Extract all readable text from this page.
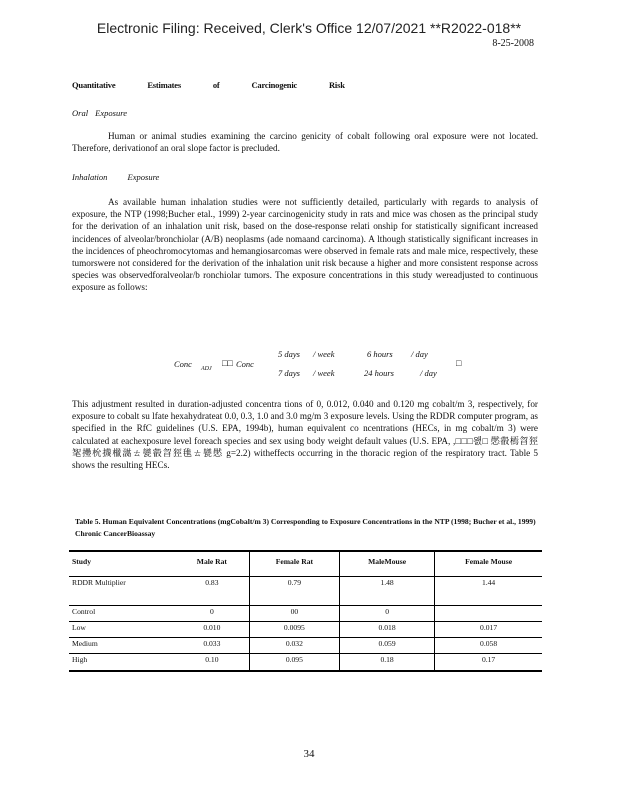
Electronic Filing: Received, Clerk's Office 12/07/2021 **R2022-018**
8-25-2008
Quantitative Estimates of Carcinogenic Risk
Oral Exposure

Human or animal studies examining the carcino genicity of cobalt following oral exposure were not located. Therefore, derivationof an oral slope factor is precluded.

Inhalation Exposure

As available human inhalation studies were not sufficiently detailed, particularly with regards to analysis of exposure, the NTP (1998;Bucher etal., 1999) 2-year carcinogenicity study in rats and mice was chosen as the principal study for the derivation of an inhalation unit risk, based on the dose-response relati onship for statistically significant increased incidences of alveolar/bronchiolar (A/B) neoplasms (ade nomaand carcinoma). A lthough statistically significant increases in the incidences of pheochromocytomas and hemangiosarcomas were observed in female rats and male mice, respectively, these tumorswere not considered for the derivation of the inhalation unit risk because a higher and more consistent response across species was observedforalveolar/b ronchiolar tumors. The exposure concentrations in this study wereadjusted to continuous exposure as follows:

Conc ADJ
□□ Conc
5 days / week	6 hours / day
7 days / week	24 hours	/ day
□

This adjustment resulted in duration-adjusted concentra tions of 0, 0.012, 0.040 and 0.120 mg cobalt/m 3, respectively, for exposure to cobalt su lfate hexahydrateat 0.0, 0.3, 1.0 and 3.0 mg/m 3 exposure levels. Using the RDDR computer program, as specified in the RfC guidelines (U.S. EPA, 1994b), human equivalent co ncentrations (HECs, in mg cobalt/m 3) were calculated at eachexposure level foreach species and sex using body weight default values (U.S. EPA, ,□□□왨□ 㦔㲊㯊㫚㹵㲛㩸㭇㩢㯿㵈ㄊ㽋㲊㫚㹵㲝ㄊ㽋㦔 g=2.2) witheffects occurring in the thoracic region of the respiratory tract. Table 5 shows the resulting HECs.

Table 5. Human Equivalent Concentrations (mgCobalt/m 3) Corresponding to Exposure Concentrations in the NTP (1998; Bucher et al., 1999) Chronic CancerBioassay				
Study	Male Rat	Female Rat	MaleMouse	Female Mouse
RDDR Multiplier	0.83	0.79	1.48	1.44
Control	0	00	0	
Low	0.010	0.0095	0.018	0.017
Medium	0.033	0.032	0.059	0.058
High	0.10	0.095	0.18	0.17
34
